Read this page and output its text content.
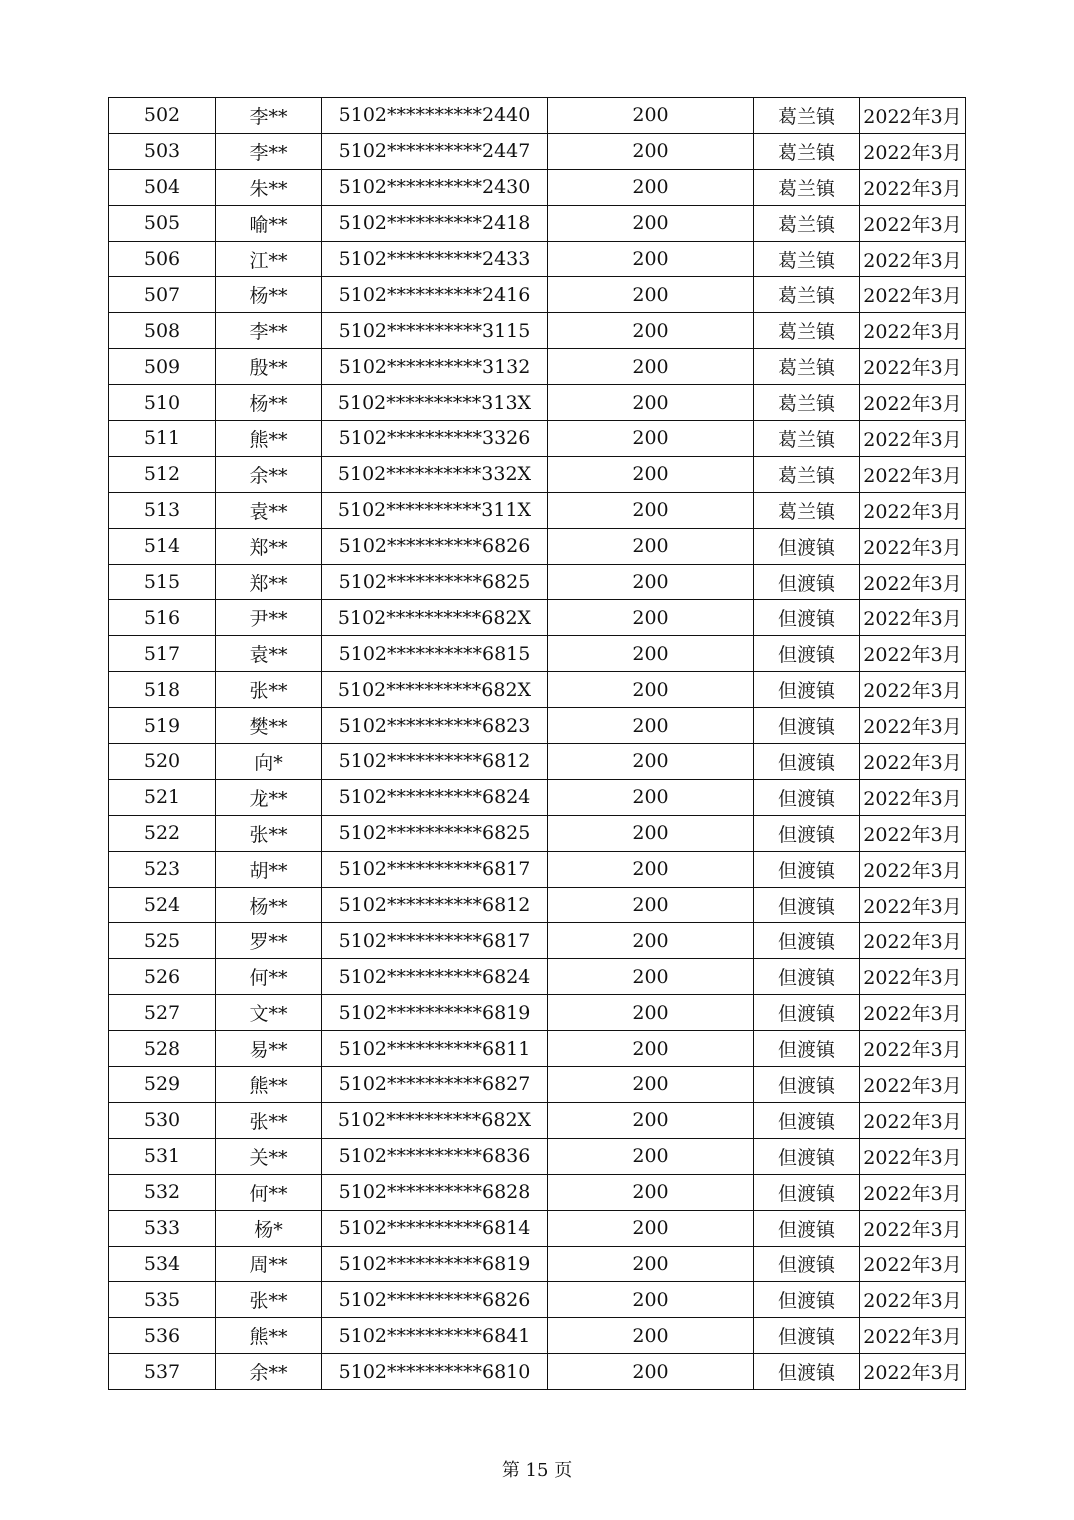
502	李**	5102**********2440	200	葛兰镇	2022年3月
503	李**	5102**********2447	200	葛兰镇	2022年3月
504	朱**	5102**********2430	200	葛兰镇	2022年3月
505	喻**	5102**********2418	200	葛兰镇	2022年3月
506	江**	5102**********2433	200	葛兰镇	2022年3月
507	杨**	5102**********2416	200	葛兰镇	2022年3月
508	李**	5102**********3115	200	葛兰镇	2022年3月
509	殷**	5102**********3132	200	葛兰镇	2022年3月
510	杨**	5102**********313X	200	葛兰镇	2022年3月
511	熊**	5102**********3326	200	葛兰镇	2022年3月
512	余**	5102**********332X	200	葛兰镇	2022年3月
513	袁**	5102**********311X	200	葛兰镇	2022年3月
514	郑**	5102**********6826	200	但渡镇	2022年3月
515	郑**	5102**********6825	200	但渡镇	2022年3月
516	尹**	5102**********682X	200	但渡镇	2022年3月
517	袁**	5102**********6815	200	但渡镇	2022年3月
518	张**	5102**********682X	200	但渡镇	2022年3月
519	樊**	5102**********6823	200	但渡镇	2022年3月
520	向*	5102**********6812	200	但渡镇	2022年3月
521	龙**	5102**********6824	200	但渡镇	2022年3月
522	张**	5102**********6825	200	但渡镇	2022年3月
523	胡**	5102**********6817	200	但渡镇	2022年3月
524	杨**	5102**********6812	200	但渡镇	2022年3月
525	罗**	5102**********6817	200	但渡镇	2022年3月
526	何**	5102**********6824	200	但渡镇	2022年3月
527	文**	5102**********6819	200	但渡镇	2022年3月
528	易**	5102**********6811	200	但渡镇	2022年3月
529	熊**	5102**********6827	200	但渡镇	2022年3月
530	张**	5102**********682X	200	但渡镇	2022年3月
531	关**	5102**********6836	200	但渡镇	2022年3月
532	何**	5102**********6828	200	但渡镇	2022年3月
533	杨*	5102**********6814	200	但渡镇	2022年3月
534	周**	5102**********6819	200	但渡镇	2022年3月
535	张**	5102**********6826	200	但渡镇	2022年3月
536	熊**	5102**********6841	200	但渡镇	2022年3月
537	余**	5102**********6810	200	但渡镇	2022年3月
第 15 页
